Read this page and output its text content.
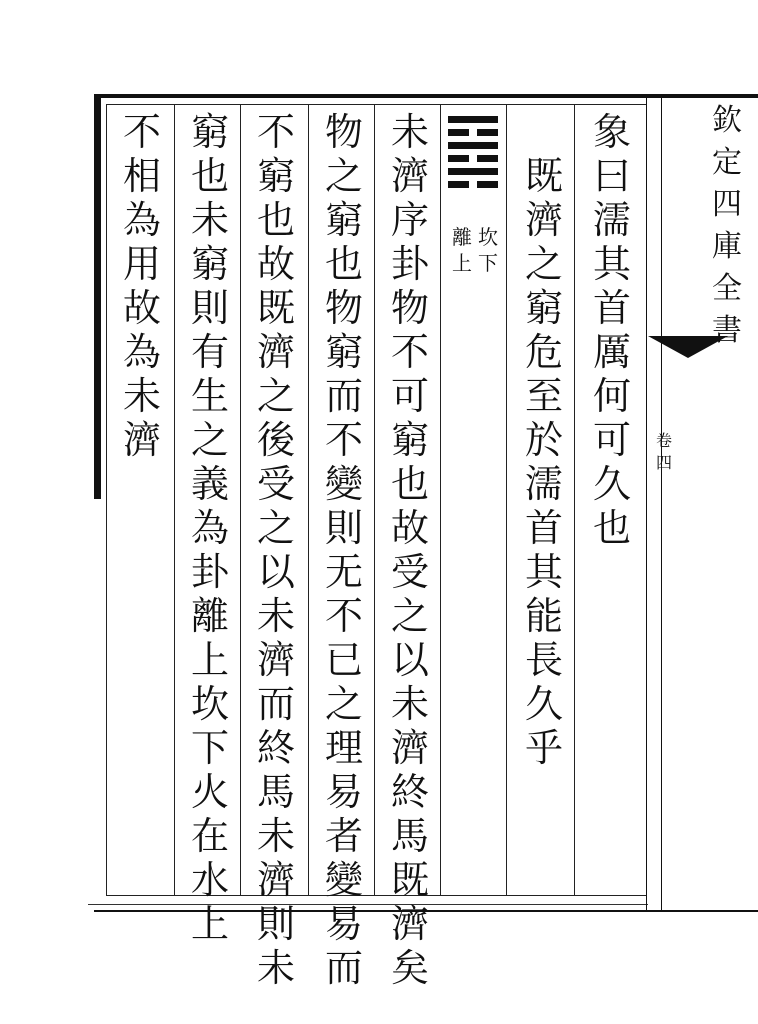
欽
定
四
庫
全
書
卷
四
坎
下
離
上
象
曰
濡
其
首
厲
何
可
久
也
既
濟
之
窮
危
至
於
濡
首
其
能
長
久
乎
未
濟
序
卦
物
不
可
窮
也
故
受
之
以
未
濟
終
馬
既
濟
矣
物
之
窮
也
物
窮
而
不
變
則
无
不
已
之
理
易
者
變
易
而
不
窮
也
故
既
濟
之
後
受
之
以
未
濟
而
終
馬
未
濟
則
未
窮
也
未
窮
則
有
生
之
義
為
卦
離
上
坎
下
火
在
水
上
不
相
為
用
故
為
未
濟
